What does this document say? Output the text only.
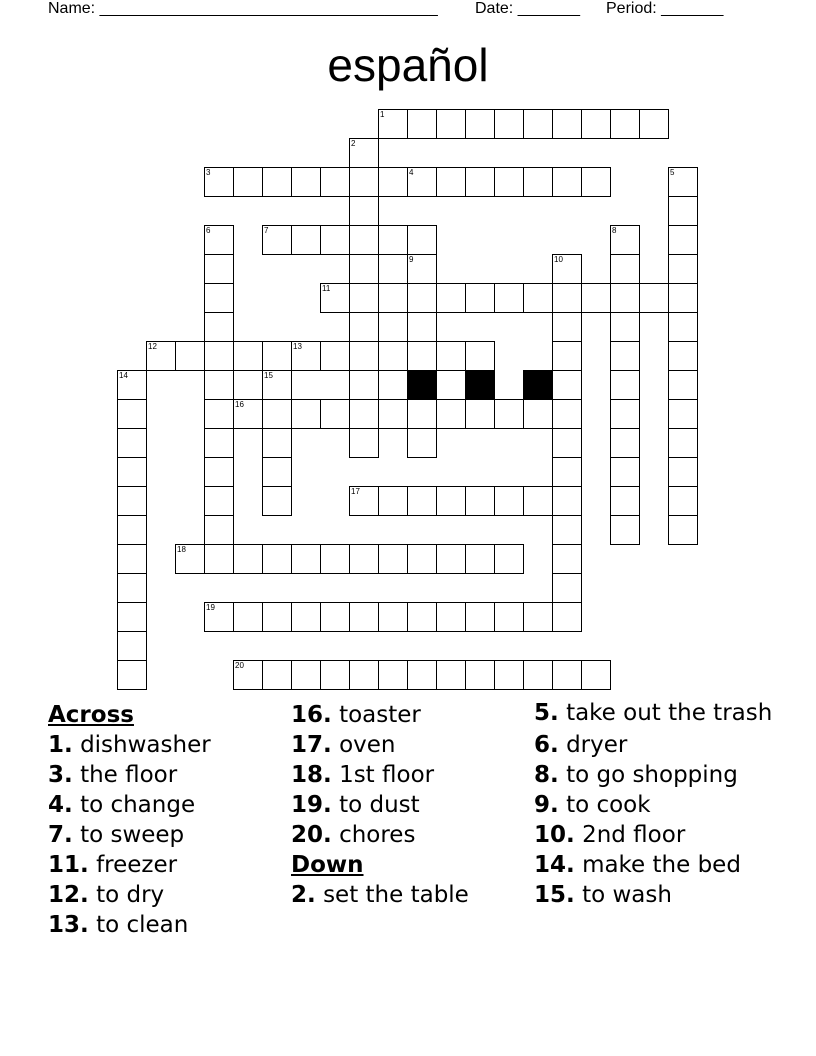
Name: ______________________________________ Date: _______ Period: _______
español
1
2
3	4	5
6	7	8
9	10
11
12	13
14	15
16
17
18
19
20
Across
1. dishwasher
3. the floor
4. to change
7. to sweep
11. freezer
12. to dry
13. to clean
16. toaster
17. oven
18. 1st floor
19. to dust
20. chores
Down
2. set the table
5. take out the trash
6. dryer
8. to go shopping
9. to cook
10. 2nd floor
14. make the bed
15. to wash
